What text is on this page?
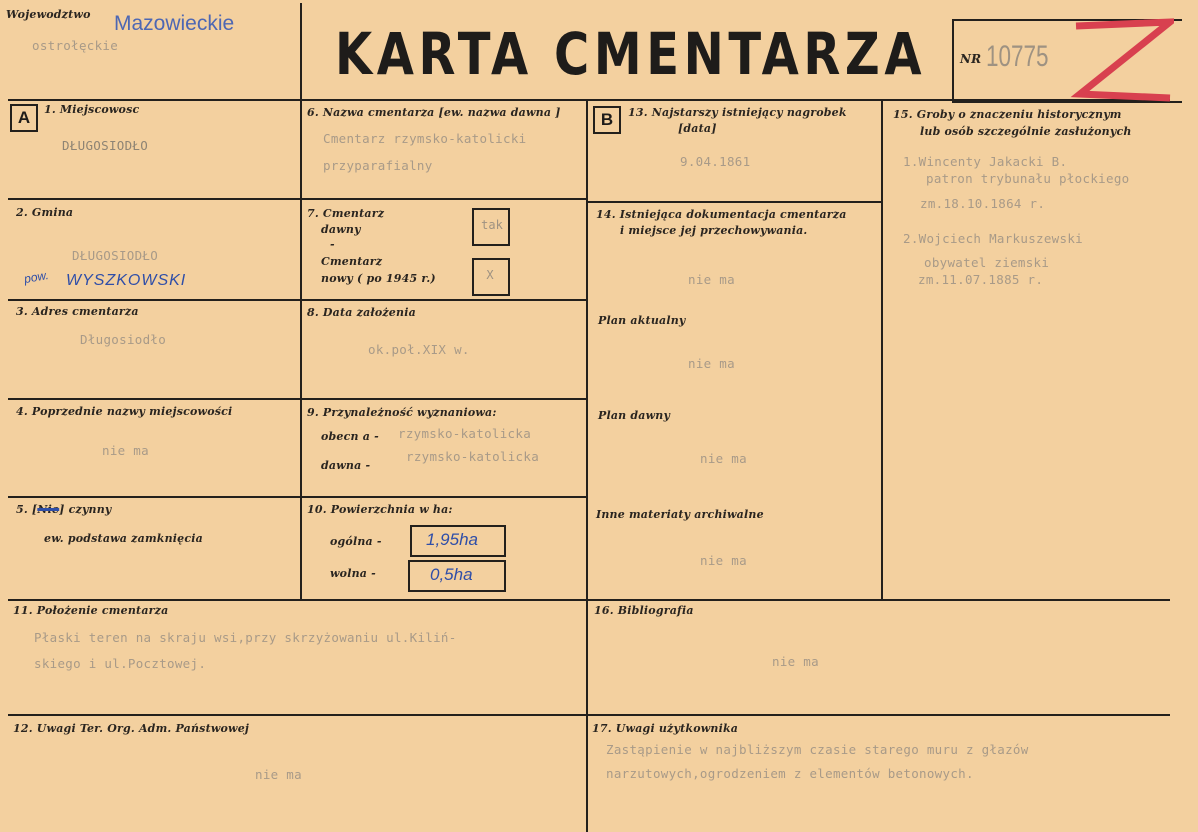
Wojewodztwo Mazowieckie
ostrołęckie	KARTA CMENTARZA	NR 10775
A	1. Miejscowosc
DŁUGOSIODŁO
2. Gmina
DŁUGOSIODŁO
pow. WYSZKOWSKI
3. Adres cmentarza
Długosiodło
4. Poprzednie nazwy miejscowości
nie ma
5. [Nie] czynny
ew. podstawa zamknięcia
6. Nazwa cmentarza [ew. nazwa dawna ]
Cmentarz rzymsko-katolicki
przyparafialny
7. Cmentarz
dawny
-
tak
Cmentarz
nowy ( po 1945 r.)	X
8. Data założenia
ok.poł.XIX w.
9. Przynależność wyznaniowa:
obecn a - rzymsko-katolicka
dawna -
rzymsko-katolicka
10. Powierzchnia w ha:
ogólna -	1,95ha
wolna -	0,5ha
B	13. Najstarszy istniejący nagrobek
[data]
9.04.1861
14. Istniejąca dokumentacja cmentarza
i miejsce jej przechowywania.
nie ma
Plan aktualny
nie ma
Plan dawny
nie ma
Inne materiaty archiwalne
nie ma
15. Groby o znaczeniu historycznym
lub osób szczególnie zasłużonych
1.Wincenty Jakacki B.
patron trybunału płockiego
zm.18.10.1864 r.
2.Wojciech Markuszewski
obywatel ziemski
zm.11.07.1885 r.
11. Położenie cmentarza
Płaski teren na skraju wsi,przy skrzyżowaniu ul.Kiliń-
skiego i ul.Pocztowej.
16. Bibliografia
nie ma
12. Uwagi Ter. Org. Adm. Państwowej
nie ma
17. Uwagi użytkownika
Zastąpienie w najbliższym czasie starego muru z głazów
narzutowych,ogrodzeniem z elementów betonowych.
